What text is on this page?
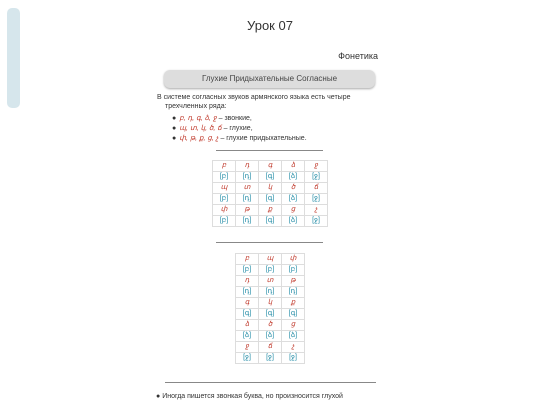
Урок 07
Фонетика
Глухие Придыхательные Согласные
В системе согласных звуков армянского языка есть четыре
трехчленных ряда:
● բ, դ, գ, ձ, ջ – звонкие,
● պ, տ, կ, ծ, ճ – глухие,
● փ, թ, ք, ց, չ – глухие придыхательные.
բ	դ	գ	ձ	ջ
[բ]	[դ]	[գ]	[ձ]	[ջ]
պ	տ	կ	ծ	ճ
[բ]	[դ]	[գ]	[ձ]	[ջ]
փ	թ	ք	ց	չ
[բ]	[դ]	[գ]	[ձ]	[ջ]
բ	պ	փ
[բ]	[բ]	[բ]
դ	տ	թ
[դ]	[դ]	[դ]
գ	կ	ք
[գ]	[գ]	[գ]
ձ	ծ	ց
[ձ]	[ձ]	[ձ]
ջ	ճ	չ
[ջ]	[ջ]	[ջ]
● Иногда пишется звонкая буква, но произносится глухой
